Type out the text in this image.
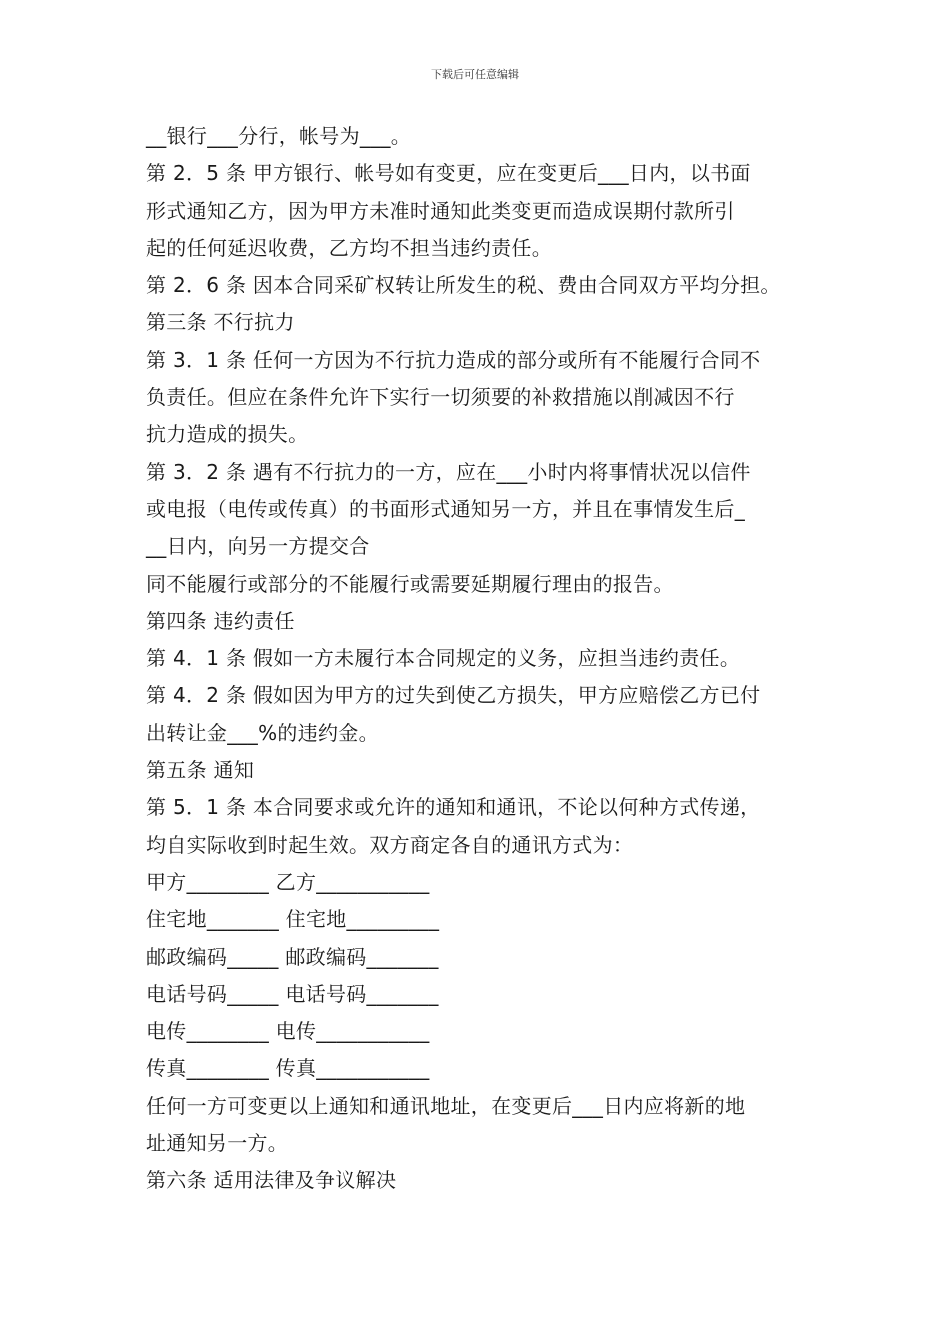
下载后可任意编辑
__银行___分行，帐号为___。
第 2．5 条 甲方银行、帐号如有变更，应在变更后___日内，以书面
形式通知乙方，因为甲方未准时通知此类变更而造成误期付款所引
起的任何延迟收费，乙方均不担当违约责任。
第 2．6 条 因本合同采矿权转让所发生的税、费由合同双方平均分担。
第三条 不行抗力
第 3．1 条 任何一方因为不行抗力造成的部分或所有不能履行合同不
负责任。但应在条件允许下实行一切须要的补救措施以削减因不行
抗力造成的损失。
第 3．2 条 遇有不行抗力的一方，应在___小时内将事情状况以信件
或电报（电传或传真）的书面形式通知另一方，并且在事情发生后_
__日内，向另一方提交合
同不能履行或部分的不能履行或需要延期履行理由的报告。
第四条 违约责任
第 4．1 条 假如一方未履行本合同规定的义务，应担当违约责任。
第 4．2 条 假如因为甲方的过失到使乙方损失，甲方应赔偿乙方已付
出转让金___%的违约金。
第五条 通知
第 5．1 条 本合同要求或允许的通知和通讯，不论以何种方式传递，
均自实际收到时起生效。双方商定各自的通讯方式为：
甲方________ 乙方___________
住宅地_______ 住宅地_________
邮政编码_____ 邮政编码_______
电话号码_____ 电话号码_______
电传________ 电传___________
传真________ 传真___________
任何一方可变更以上通知和通讯地址，在变更后___日内应将新的地
址通知另一方。
第六条 适用法律及争议解决
